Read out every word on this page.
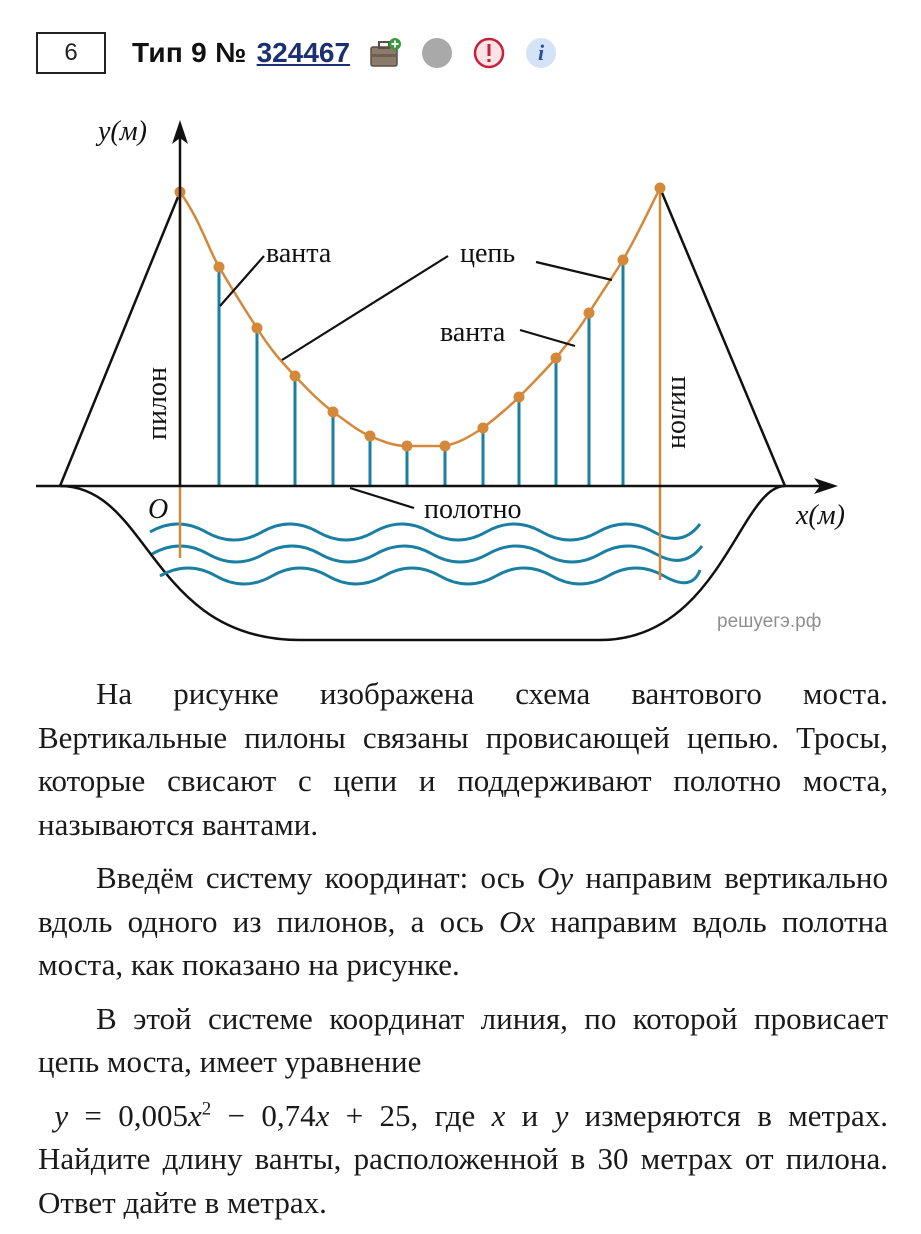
6	Тип 9 № 324467	i
y(м)
x(м)
O
ванта	цепь
ванта
полотно
пилон	пилон
решуегэ.рф

На рисунке изображена схема вантового моста. Вертикальные пилоны связаны провисающей цепью. Тросы, которые свисают с цепи и поддерживают полотно моста, называются вантами.

Введём систему координат: ось Oy направим вертикально вдоль одного из пилонов, а ось Ox направим вдоль полотна моста, как показано на рисунке.

В этой системе координат линия, по которой провисает цепь моста, имеет уравнение

$y = 0,005x^2 - 0,74x + 25$, где x и y измеряются в метрах. Найдите длину ванты, расположенной в 30 метрах от пилона. Ответ дайте в метрах.
